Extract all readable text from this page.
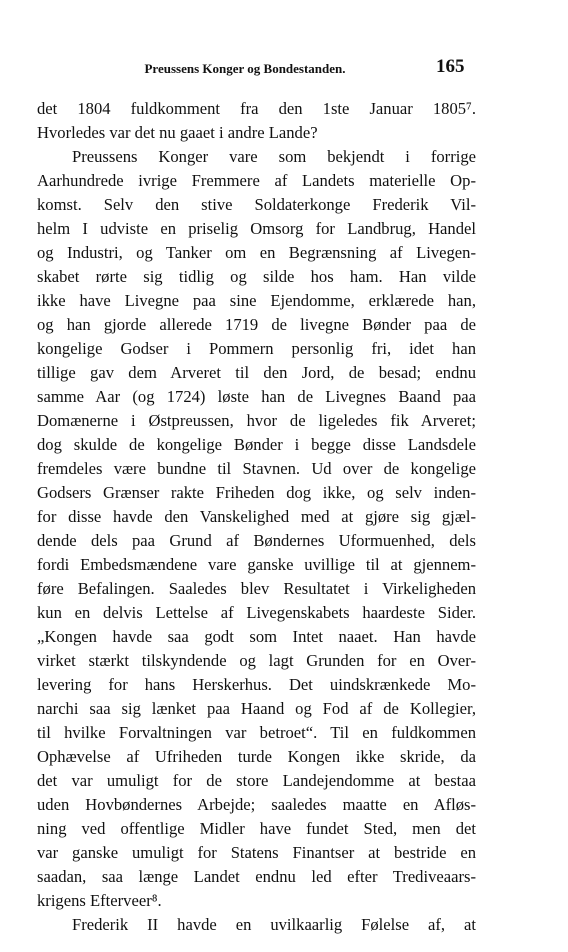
Preussens Konger og Bondestanden.	165
det 1804 fuldkomment fra den 1ste Januar 1805⁷.
Hvorledes var det nu gaaet i andre Lande?
Preussens Konger vare som bekjendt i forrige
Aarhundrede ivrige Fremmere af Landets materielle Op-
komst. Selv den stive Soldaterkonge Frederik Vil-
helm I udviste en priselig Omsorg for Landbrug, Handel
og Industri, og Tanker om en Begrænsning af Livegen-
skabet rørte sig tidlig og silde hos ham. Han vilde
ikke have Livegne paa sine Ejendomme, erklærede han,
og han gjorde allerede 1719 de livegne Bønder paa de
kongelige Godser i Pommern personlig fri, idet han
tillige gav dem Arveret til den Jord, de besad; endnu
samme Aar (og 1724) løste han de Livegnes Baand paa
Domænerne i Østpreussen, hvor de ligeledes fik Arveret;
dog skulde de kongelige Bønder i begge disse Landsdele
fremdeles være bundne til Stavnen. Ud over de kongelige
Godsers Grænser rakte Friheden dog ikke, og selv inden-
for disse havde den Vanskelighed med at gjøre sig gjæl-
dende dels paa Grund af Bøndernes Uformuenhed, dels
fordi Embedsmændene vare ganske uvillige til at gjennem-
føre Befalingen. Saaledes blev Resultatet i Virkeligheden
kun en delvis Lettelse af Livegenskabets haardeste Sider.
„Kongen havde saa godt som Intet naaet. Han havde
virket stærkt tilskyndende og lagt Grunden for en Over-
levering for hans Herskerhus. Det uindskrænkede Mo-
narchi saa sig lænket paa Haand og Fod af de Kollegier,
til hvilke Forvaltningen var betroet“. Til en fuldkommen
Ophævelse af Ufriheden turde Kongen ikke skride, da
det var umuligt for de store Landejendomme at bestaa
uden Hovbøndernes Arbejde; saaledes maatte en Afløs-
ning ved offentlige Midler have fundet Sted, men det
var ganske umuligt for Statens Finantser at bestride en
saadan, saa længe Landet endnu led efter Trediveaars-
krigens Efterveer⁸.
Frederik II havde en uvilkaarlig Følelse af, at
